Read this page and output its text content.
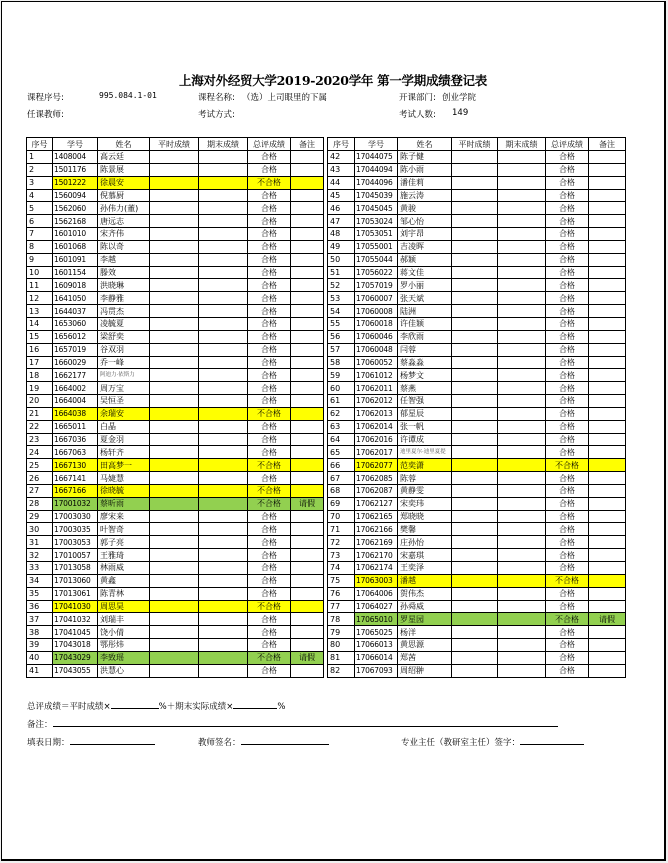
上海对外经贸大学2019-2020学年 第一学期成绩登记表
课程序号:	995.084.1-01	课程名称: （选）上司眼里的下属	开课部门: 创业学院
任课教师:	考试方式:	考试人数: 149
序号	学号	姓名	平时成绩	期末成绩	总评成绩	备注
1	1408004	高云廷			合格	
2	1501176	陈景展			合格	
3	1501222	徐晨安			不合格	
4	1560094	倪慕厨			合格	
5	1562060	孙伟力(董)			合格	
6	1562168	唐远志			合格	
7	1601010	宋齐伟			合格	
8	1601068	陈以奇			合格	
9	1601091	李越			合格	
10	1601154	滕效			合格	
11	1609018	洪晓琳			合格	
12	1641050	李静雅			合格	
13	1644037	冯贯杰			合格	
14	1653060	凌毓夏			合格	
15	1656012	梁舒奕			合格	
16	1657019	谷双羽			合格	
17	1660029	乔一峰			合格	
18	1662177	阿迪力·依斯力			合格	
19	1664002	周万宝			合格	
20	1664004	吴恒圣			合格	
21	1664038	余瑞安			不合格	
22	1665011	白晶			合格	
23	1667036	夏金羽			合格	
24	1667063	杨轩齐			合格	
25	1667130	田高梦一			不合格	
26	1667141	马婕慧			合格	
27	1667166	徐晓毓			不合格	
28	17001032	蔡昕雨			不合格	请假
29	17003030	廖宋来			合格	
30	17003035	叶智奇			合格	
31	17003053	郭子亮			合格	
32	17010057	王雅琦			合格	
33	17013058	林雨威			合格	
34	17013060	黄鑫			合格	
35	17013061	陈青林			合格	
36	17041030	周思昊			不合格	
37	17041032	刘瑞丰			合格	
38	17041045	饶小倩			合格	
39	17043018	鄂彤炜			合格	
40	17043029	李致瑶			不合格	请假
41	17043055	洪慧心			合格	
序号	学号	姓名	平时成绩	期末成绩	总评成绩	备注
42	17044075	陈子健			合格	
43	17044094	陈小雨			合格	
44	17044096	潘佳莉			合格	
45	17045039	施云涛			合格	
46	17045045	黄骏			合格	
47	17053024	邹心怡			合格	
48	17053051	刘宇昂			合格	
49	17055001	吉凌晖			合格	
50	17055044	郝颖			合格	
51	17056022	蒋文佳			合格	
52	17057019	罗小丽			合格	
53	17060007	张天斌			合格	
54	17060008	陆洲			合格	
55	17060018	许佳颖			合格	
56	17060046	李欣雨			合格	
57	17060048	闫蓉			合格	
58	17060052	蔡淼淼			合格	
59	17061012	杨梦文			合格	
60	17062011	蔡燕			合格	
61	17062012	任智强			合格	
62	17062013	郁星辰			合格	
63	17062014	张一帆			合格	
64	17062016	许谭成			合格	
65	17062017	迪里夏尔·迪里夏提			合格	
66	17062077	范奕潇			不合格	
67	17062085	陈蓉			合格	
68	17062087	黄静雯			合格	
69	17062127	宋奕玮			合格	
70	17062165	郑晓晓			合格	
71	17062166	樊馨			合格	
72	17062169	庄孙怡			合格	
73	17062170	宋嘉琪			合格	
74	17062174	王奕泽			合格	
75	17063003	潘越			不合格	
76	17064006	贺伟杰			合格	
77	17064027	孙舜威			合格	
78	17065010	罗星园			不合格	请假
79	17065025	杨洋			合格	
80	17066013	黄思源			合格	
81	17066014	郑茜			合格	
82	17067093	周绍翀			合格	
总评成绩＝平时成绩×	%＋期末实际成绩×	%
备注：
填表日期：	教师签名：	专业主任（教研室主任）签字：
